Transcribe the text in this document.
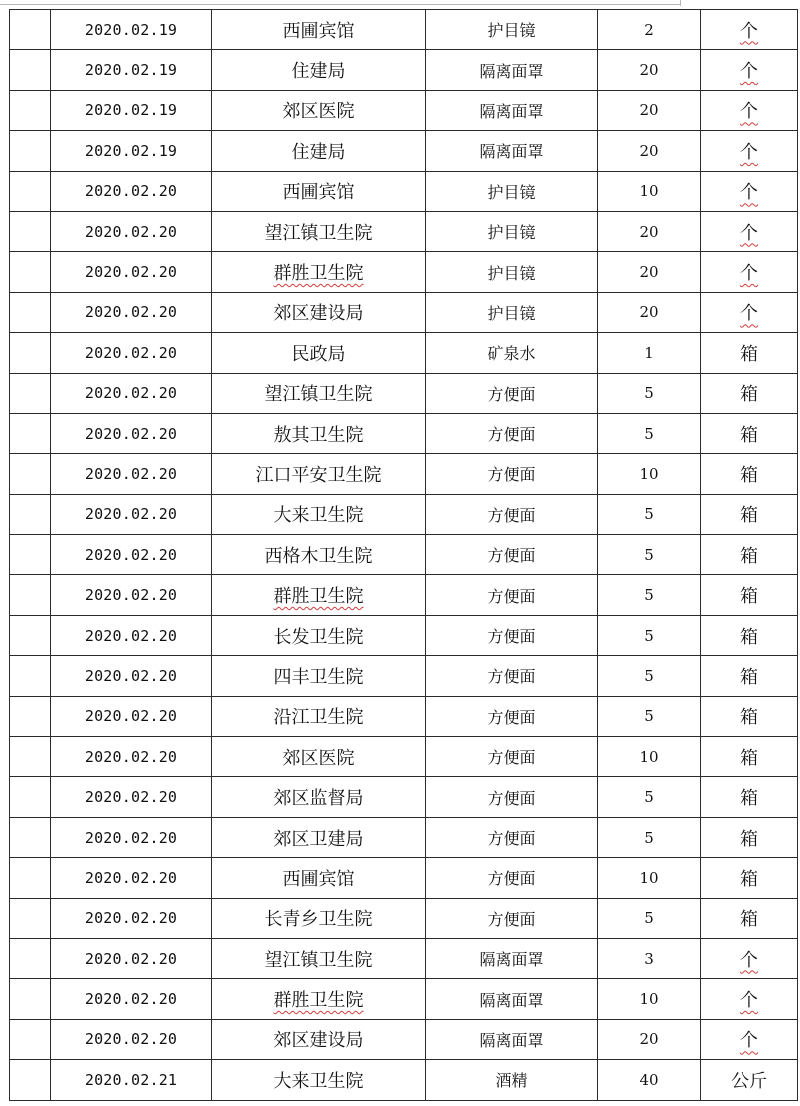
	2020.02.19	西圃宾馆	护目镜	2	个
	2020.02.19	住建局	隔离面罩	20	个
	2020.02.19	郊区医院	隔离面罩	20	个
	2020.02.19	住建局	隔离面罩	20	个
	2020.02.20	西圃宾馆	护目镜	10	个
	2020.02.20	望江镇卫生院	护目镜	20	个
	2020.02.20	群胜卫生院	护目镜	20	个
	2020.02.20	郊区建设局	护目镜	20	个
	2020.02.20	民政局	矿泉水	1	箱
	2020.02.20	望江镇卫生院	方便面	5	箱
	2020.02.20	敖其卫生院	方便面	5	箱
	2020.02.20	江口平安卫生院	方便面	10	箱
	2020.02.20	大来卫生院	方便面	5	箱
	2020.02.20	西格木卫生院	方便面	5	箱
	2020.02.20	群胜卫生院	方便面	5	箱
	2020.02.20	长发卫生院	方便面	5	箱
	2020.02.20	四丰卫生院	方便面	5	箱
	2020.02.20	沿江卫生院	方便面	5	箱
	2020.02.20	郊区医院	方便面	10	箱
	2020.02.20	郊区监督局	方便面	5	箱
	2020.02.20	郊区卫建局	方便面	5	箱
	2020.02.20	西圃宾馆	方便面	10	箱
	2020.02.20	长青乡卫生院	方便面	5	箱
	2020.02.20	望江镇卫生院	隔离面罩	3	个
	2020.02.20	群胜卫生院	隔离面罩	10	个
	2020.02.20	郊区建设局	隔离面罩	20	个
	2020.02.21	大来卫生院	酒精	40	公斤
